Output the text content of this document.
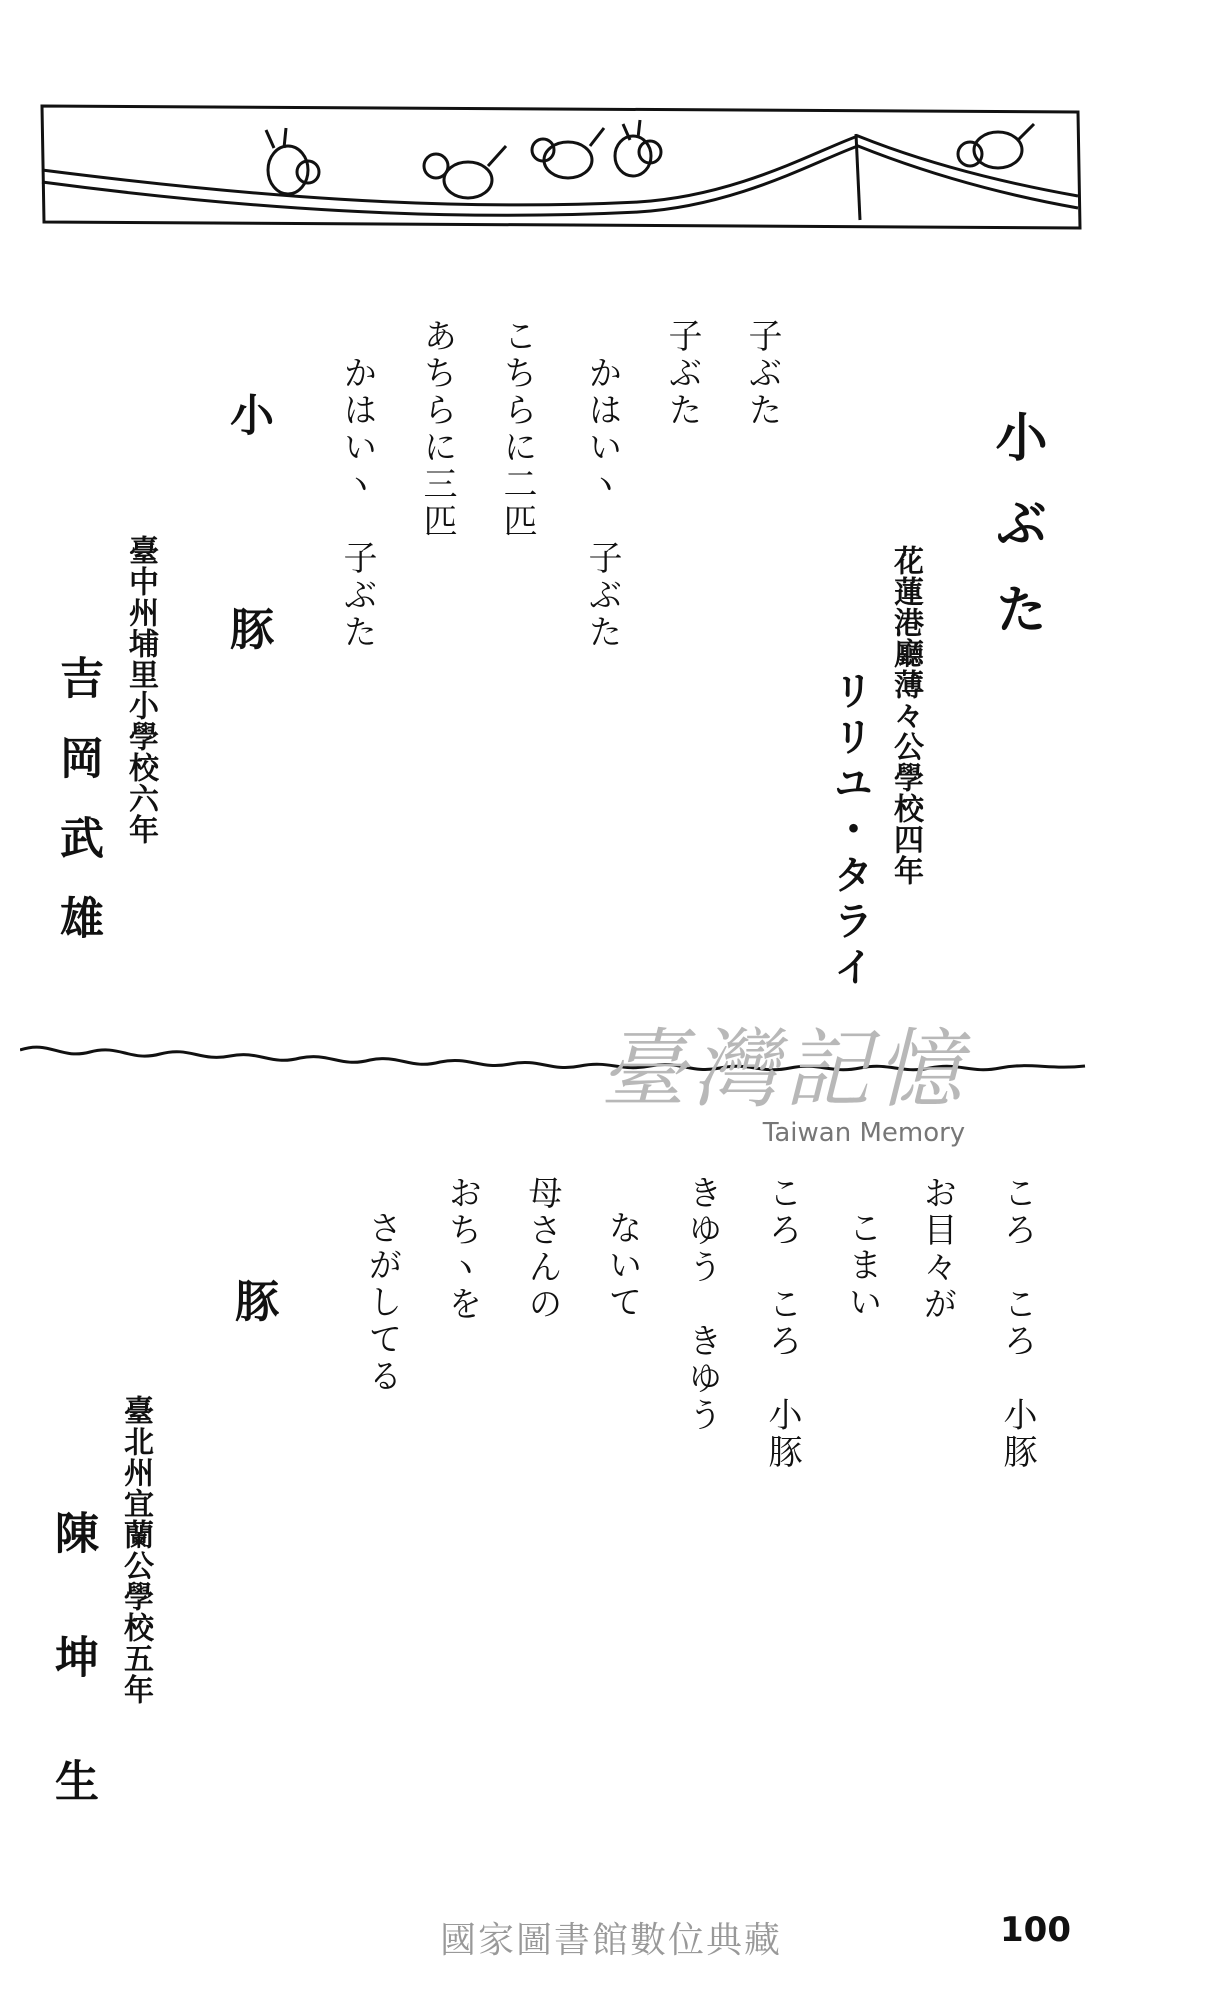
小ぶた
花蓮港廳薄々公學校四年
リリユ・タライ
子ぶた
子ぶた
かはいヽ　子ぶた
こちらに二匹
あちらに三匹
かはいヽ　子ぶた
小豚
臺中州埔里小學校六年
吉岡武雄
臺灣記憶
Taiwan Memory
ころ　ころ　小豚
お目々が
こまい
ころ　ころ　小豚
きゆう　きゆう
ないて
母さんの
おちヽを
さがしてる
豚
臺北州宜蘭公學校五年
陳坤生
國家圖書館數位典藏	100
